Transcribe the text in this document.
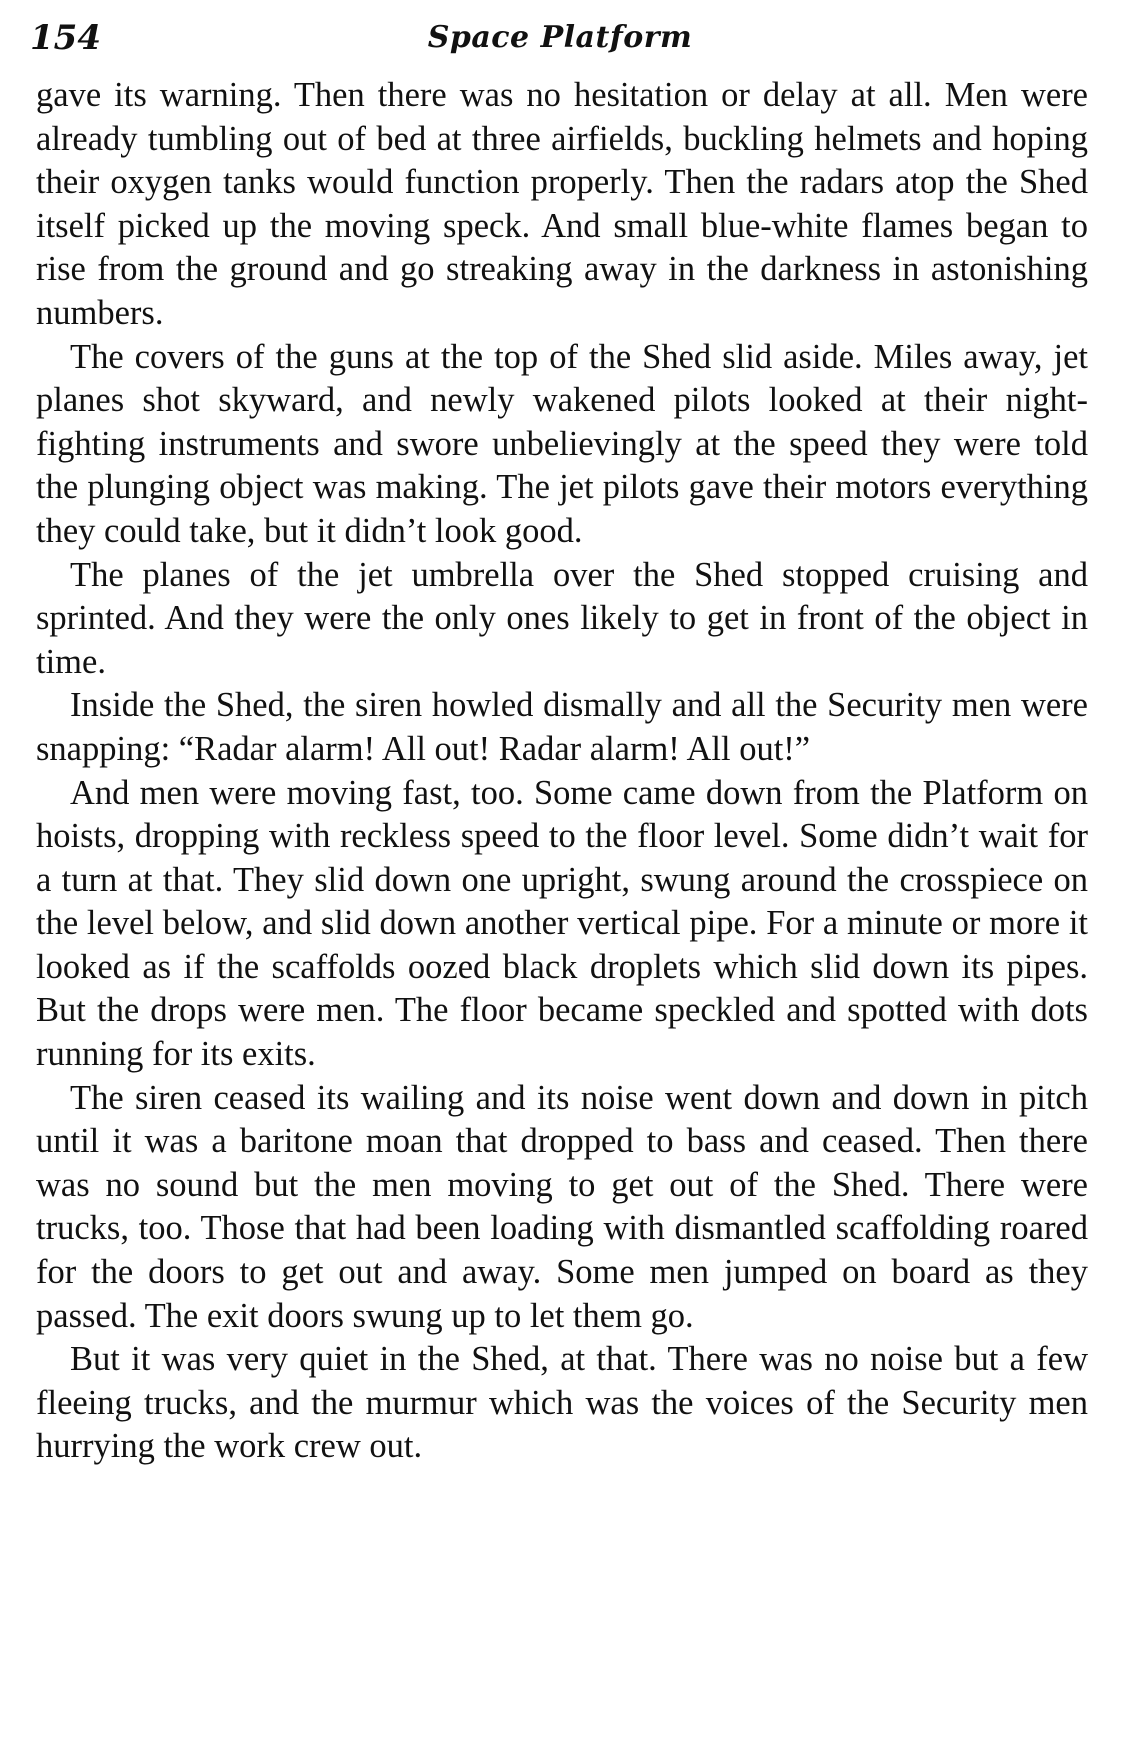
154	Space Platform

gave its warning. Then there was no hesitation or delay at all. Men were already tumbling out of bed at three airfields, buckling helmets and hoping their oxygen tanks would function properly. Then the radars atop the Shed itself picked up the moving speck. And small blue-white flames began to rise from the ground and go streaking away in the darkness in astonishing numbers.

The covers of the guns at the top of the Shed slid aside. Miles away, jet planes shot skyward, and newly wakened pilots looked at their night-fighting instruments and swore unbelievingly at the speed they were told the plunging object was making. The jet pilots gave their motors everything they could take, but it didn’t look good.

The planes of the jet umbrella over the Shed stopped cruising and sprinted. And they were the only ones likely to get in front of the object in time.

Inside the Shed, the siren howled dismally and all the Security men were snapping: “Radar alarm! All out! Radar alarm! All out!”

And men were moving fast, too. Some came down from the Platform on hoists, dropping with reckless speed to the floor level. Some didn’t wait for a turn at that. They slid down one upright, swung around the crosspiece on the level below, and slid down another vertical pipe. For a minute or more it looked as if the scaffolds oozed black droplets which slid down its pipes. But the drops were men. The floor became speckled and spotted with dots running for its exits.

The siren ceased its wailing and its noise went down and down in pitch until it was a baritone moan that dropped to bass and ceased. Then there was no sound but the men moving to get out of the Shed. There were trucks, too. Those that had been loading with dismantled scaffolding roared for the doors to get out and away. Some men jumped on board as they passed. The exit doors swung up to let them go.

But it was very quiet in the Shed, at that. There was no noise but a few fleeing trucks, and the murmur which was the voices of the Security men hurrying the work crew out.
